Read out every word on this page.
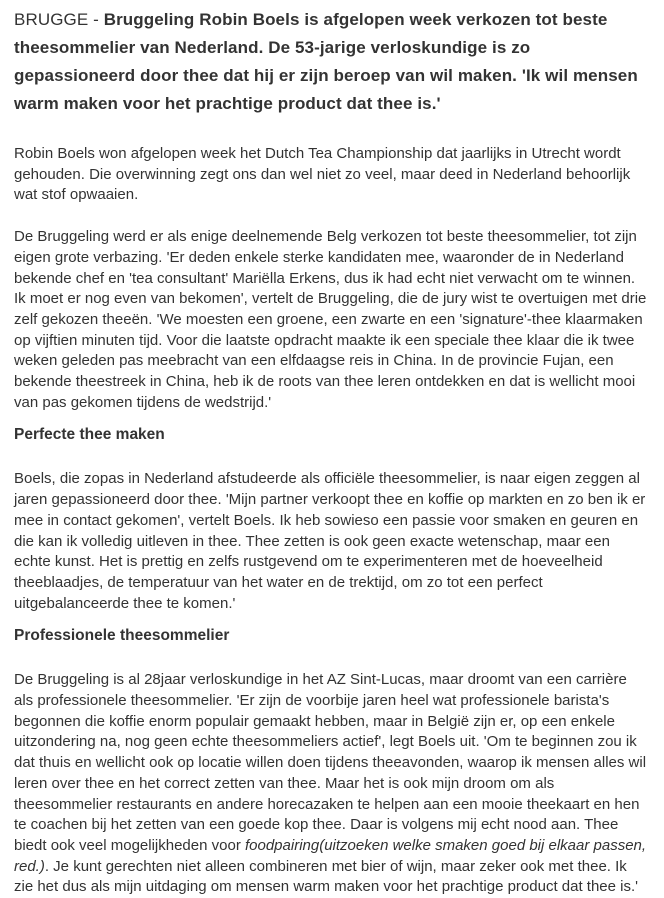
BRUGGE - Bruggeling Robin Boels is afgelopen week verkozen tot beste theesommelier van Nederland. De 53-jarige verloskundige is zo gepassioneerd door thee dat hij er zijn beroep van wil maken. 'Ik wil mensen warm maken voor het prachtige product dat thee is.'

Robin Boels won afgelopen week het Dutch Tea Championship dat jaarlijks in Utrecht wordt gehouden. Die overwinning zegt ons dan wel niet zo veel, maar deed in Nederland behoorlijk wat stof opwaaien.

De Bruggeling werd er als enige deelnemende Belg verkozen tot beste theesommelier, tot zijn eigen grote verbazing. 'Er deden enkele sterke kandidaten mee, waaronder de in Nederland bekende chef en 'tea consultant' Mariëlla Erkens, dus ik had echt niet verwacht om te winnen. Ik moet er nog even van bekomen', vertelt de Bruggeling, die de jury wist te overtuigen met drie zelf gekozen theeën. 'We moesten een groene, een zwarte en een 'signature'-thee klaarmaken op vijftien minuten tijd. Voor die laatste opdracht maakte ik een speciale thee klaar die ik twee weken geleden pas meebracht van een elfdaagse reis in China. In de provincie Fujan, een bekende theestreek in China, heb ik de roots van thee leren ontdekken en dat is wellicht mooi van pas gekomen tijdens de wedstrijd.'

Perfecte thee maken

Boels, die zopas in Nederland afstudeerde als officiële theesommelier, is naar eigen zeggen al jaren gepassioneerd door thee. 'Mijn partner verkoopt thee en koffie op markten en zo ben ik er mee in contact gekomen', vertelt Boels. Ik heb sowieso een passie voor smaken en geuren en die kan ik volledig uitleven in thee. Thee zetten is ook geen exacte wetenschap, maar een echte kunst. Het is prettig en zelfs rustgevend om te experimenteren met de hoeveelheid theeblaadjes, de temperatuur van het water en de trektijd, om zo tot een perfect uitgebalanceerde thee te komen.'

Professionele theesommelier

De Bruggeling is al 28jaar verloskundige in het AZ Sint-Lucas, maar droomt van een carrière als professionele theesommelier. 'Er zijn de voorbije jaren heel wat professionele barista's begonnen die koffie enorm populair gemaakt hebben, maar in België zijn er, op een enkele uitzondering na, nog geen echte theesommeliers actief', legt Boels uit. 'Om te beginnen zou ik dat thuis en wellicht ook op locatie willen doen tijdens theeavonden, waarop ik mensen alles wil leren over thee en het correct zetten van thee. Maar het is ook mijn droom om als theesommelier restaurants en andere horecazaken te helpen aan een mooie theekaart en hen te coachen bij het zetten van een goede kop thee. Daar is volgens mij echt nood aan. Thee biedt ook veel mogelijkheden voor foodpairing(uitzoeken welke smaken goed bij elkaar passen, red.). Je kunt gerechten niet alleen combineren met bier of wijn, maar zeker ook met thee. Ik zie het dus als mijn uitdaging om mensen warm maken voor het prachtige product dat thee is.'
